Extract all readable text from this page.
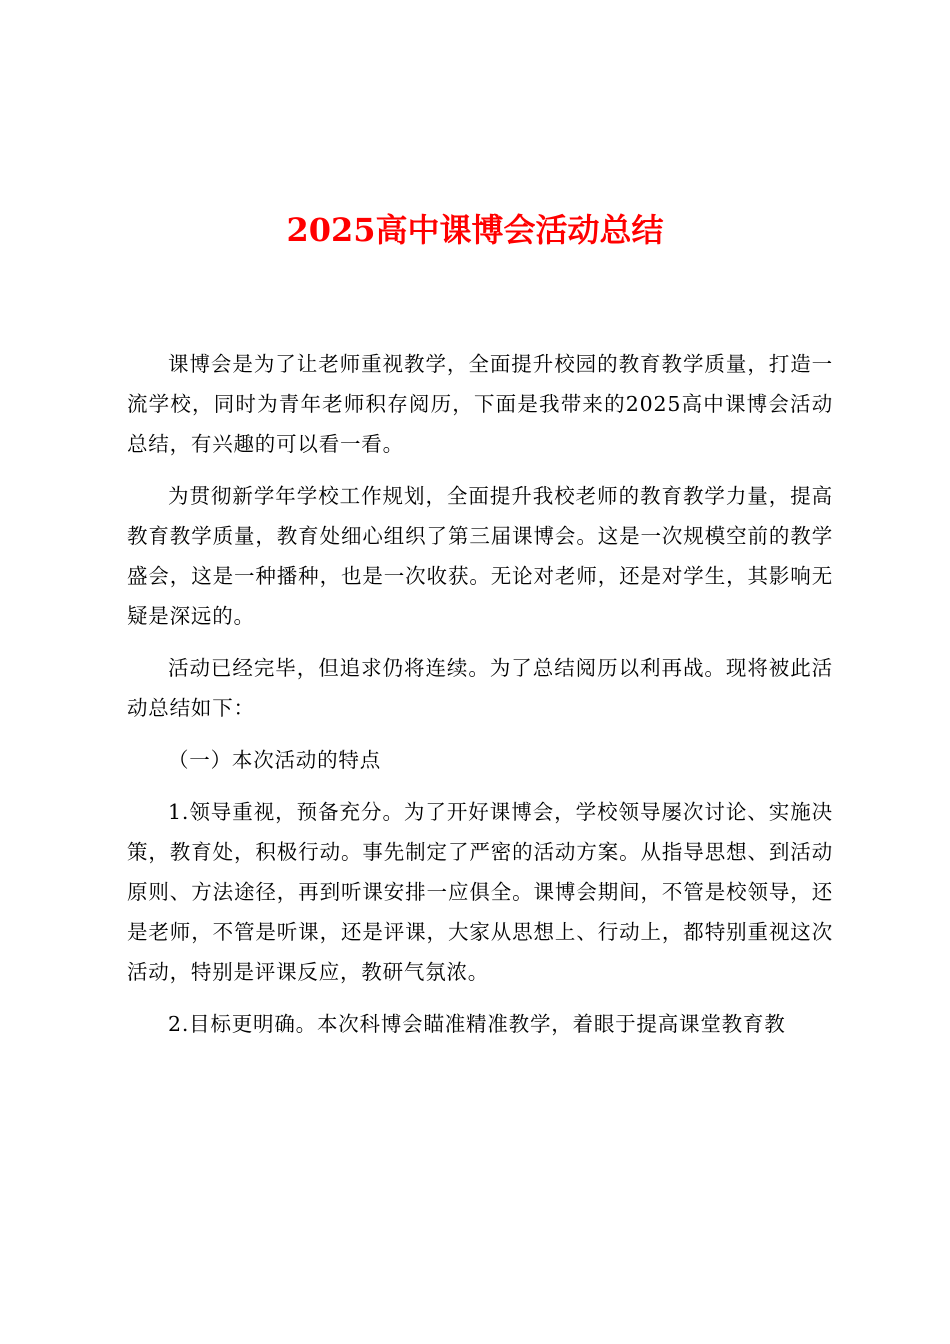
2025高中课博会活动总结

课博会是为了让老师重视教学，全面提升校园的教育教学质量，打造一流学校，同时为青年老师积存阅历，下面是我带来的2025高中课博会活动总结，有兴趣的可以看一看。

为贯彻新学年学校工作规划，全面提升我校老师的教育教学力量，提高教育教学质量，教育处细心组织了第三届课博会。这是一次规模空前的教学盛会，这是一种播种，也是一次收获。无论对老师，还是对学生，其影响无疑是深远的。

活动已经完毕，但追求仍将连续。为了总结阅历以利再战。现将被此活动总结如下：

（一）本次活动的特点

1.领导重视，预备充分。为了开好课博会，学校领导屡次讨论、实施决策，教育处，积极行动。事先制定了严密的活动方案。从指导思想、到活动原则、方法途径，再到听课安排一应俱全。课博会期间，不管是校领导，还是老师，不管是听课，还是评课，大家从思想上、行动上，都特别重视这次活动，特别是评课反应，教研气氛浓。

2.目标更明确。本次科博会瞄准精准教学，着眼于提高课堂教育教
